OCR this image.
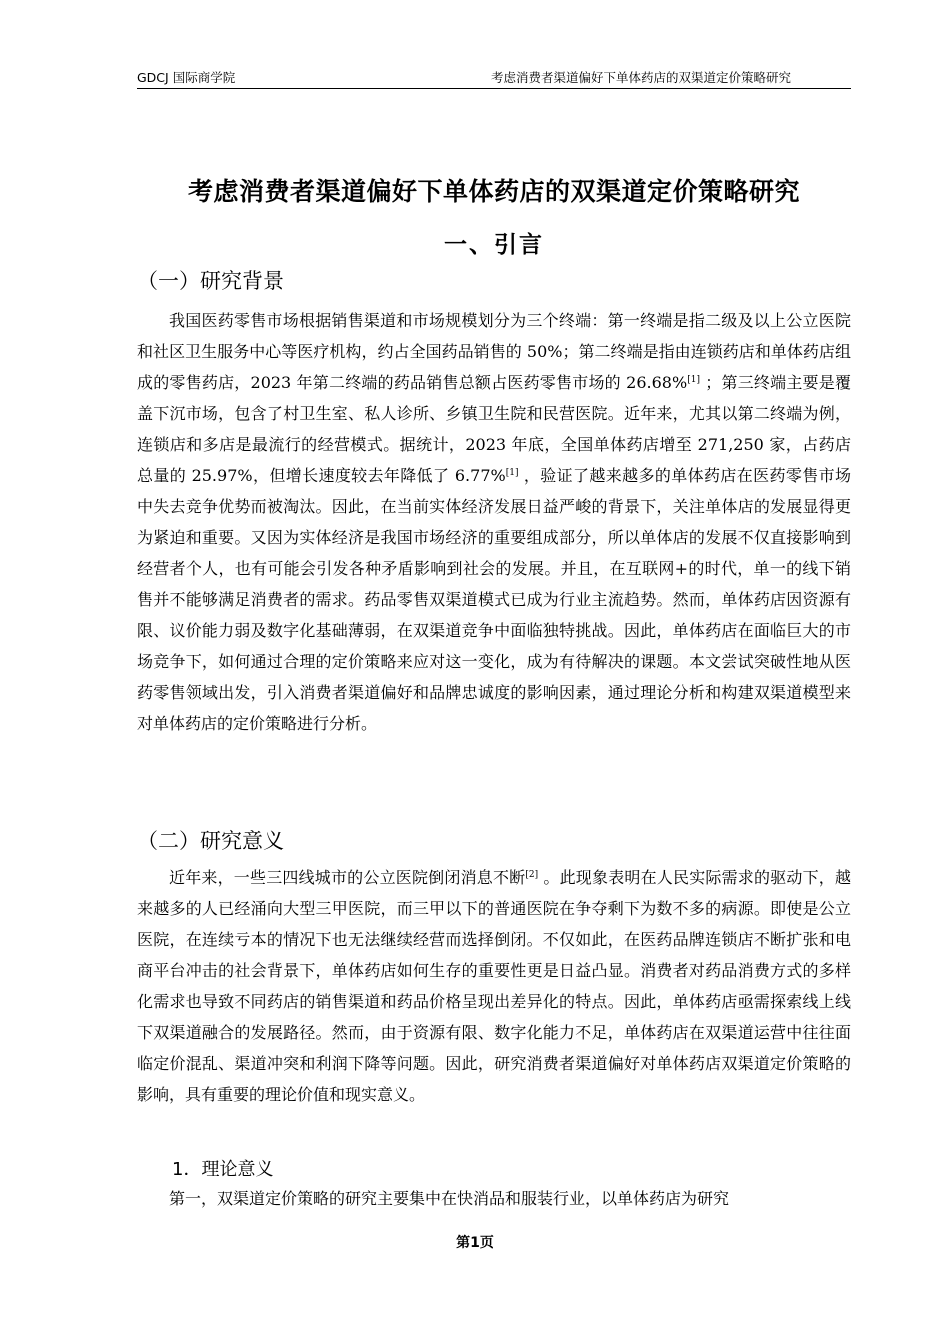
GDCJ 国际商学院	考虑消费者渠道偏好下单体药店的双渠道定价策略研究
考虑消费者渠道偏好下单体药店的双渠道定价策略研究
一、引言
（一）研究背景

我国医药零售市场根据销售渠道和市场规模划分为三个终端：第一终端是指二级及以上公立医院和社区卫生服务中心等医疗机构，约占全国药品销售的 50%；第二终端是指由连锁药店和单体药店组成的零售药店，2023 年第二终端的药品销售总额占医药零售市场的 26.68%[1] ；第三终端主要是覆盖下沉市场，包含了村卫生室、私人诊所、乡镇卫生院和民营医院。近年来，尤其以第二终端为例，连锁店和多店是最流行的经营模式。据统计，2023 年底，全国单体药店增至 271,250 家，占药店总量的 25.97%，但增长速度较去年降低了 6.77%[1] ，验证了越来越多的单体药店在医药零售市场中失去竞争优势而被淘汰。因此，在当前实体经济发展日益严峻的背景下，关注单体店的发展显得更为紧迫和重要。又因为实体经济是我国市场经济的重要组成部分，所以单体店的发展不仅直接影响到经营者个人，也有可能会引发各种矛盾影响到社会的发展。并且，在互联网+的时代，单一的线下销售并不能够满足消费者的需求。药品零售双渠道模式已成为行业主流趋势。然而，单体药店因资源有限、议价能力弱及数字化基础薄弱，在双渠道竞争中面临独特挑战。因此，单体药店在面临巨大的市场竞争下，如何通过合理的定价策略来应对这一变化，成为有待解决的课题。本文尝试突破性地从医药零售领域出发，引入消费者渠道偏好和品牌忠诚度的影响因素，通过理论分析和构建双渠道模型来对单体药店的定价策略进行分析。

（二）研究意义

近年来，一些三四线城市的公立医院倒闭消息不断[2] 。此现象表明在人民实际需求的驱动下，越来越多的人已经涌向大型三甲医院，而三甲以下的普通医院在争夺剩下为数不多的病源。即使是公立医院，在连续亏本的情况下也无法继续经营而选择倒闭。不仅如此，在医药品牌连锁店不断扩张和电商平台冲击的社会背景下，单体药店如何生存的重要性更是日益凸显。消费者对药品消费方式的多样化需求也导致不同药店的销售渠道和药品价格呈现出差异化的特点。因此，单体药店亟需探索线上线下双渠道融合的发展路径。然而，由于资源有限、数字化能力不足，单体药店在双渠道运营中往往面临定价混乱、渠道冲突和利润下降等问题。因此，研究消费者渠道偏好对单体药店双渠道定价策略的影响，具有重要的理论价值和现实意义。

1．理论意义

第一，双渠道定价策略的研究主要集中在快消品和服装行业，以单体药店为研究

第1页
